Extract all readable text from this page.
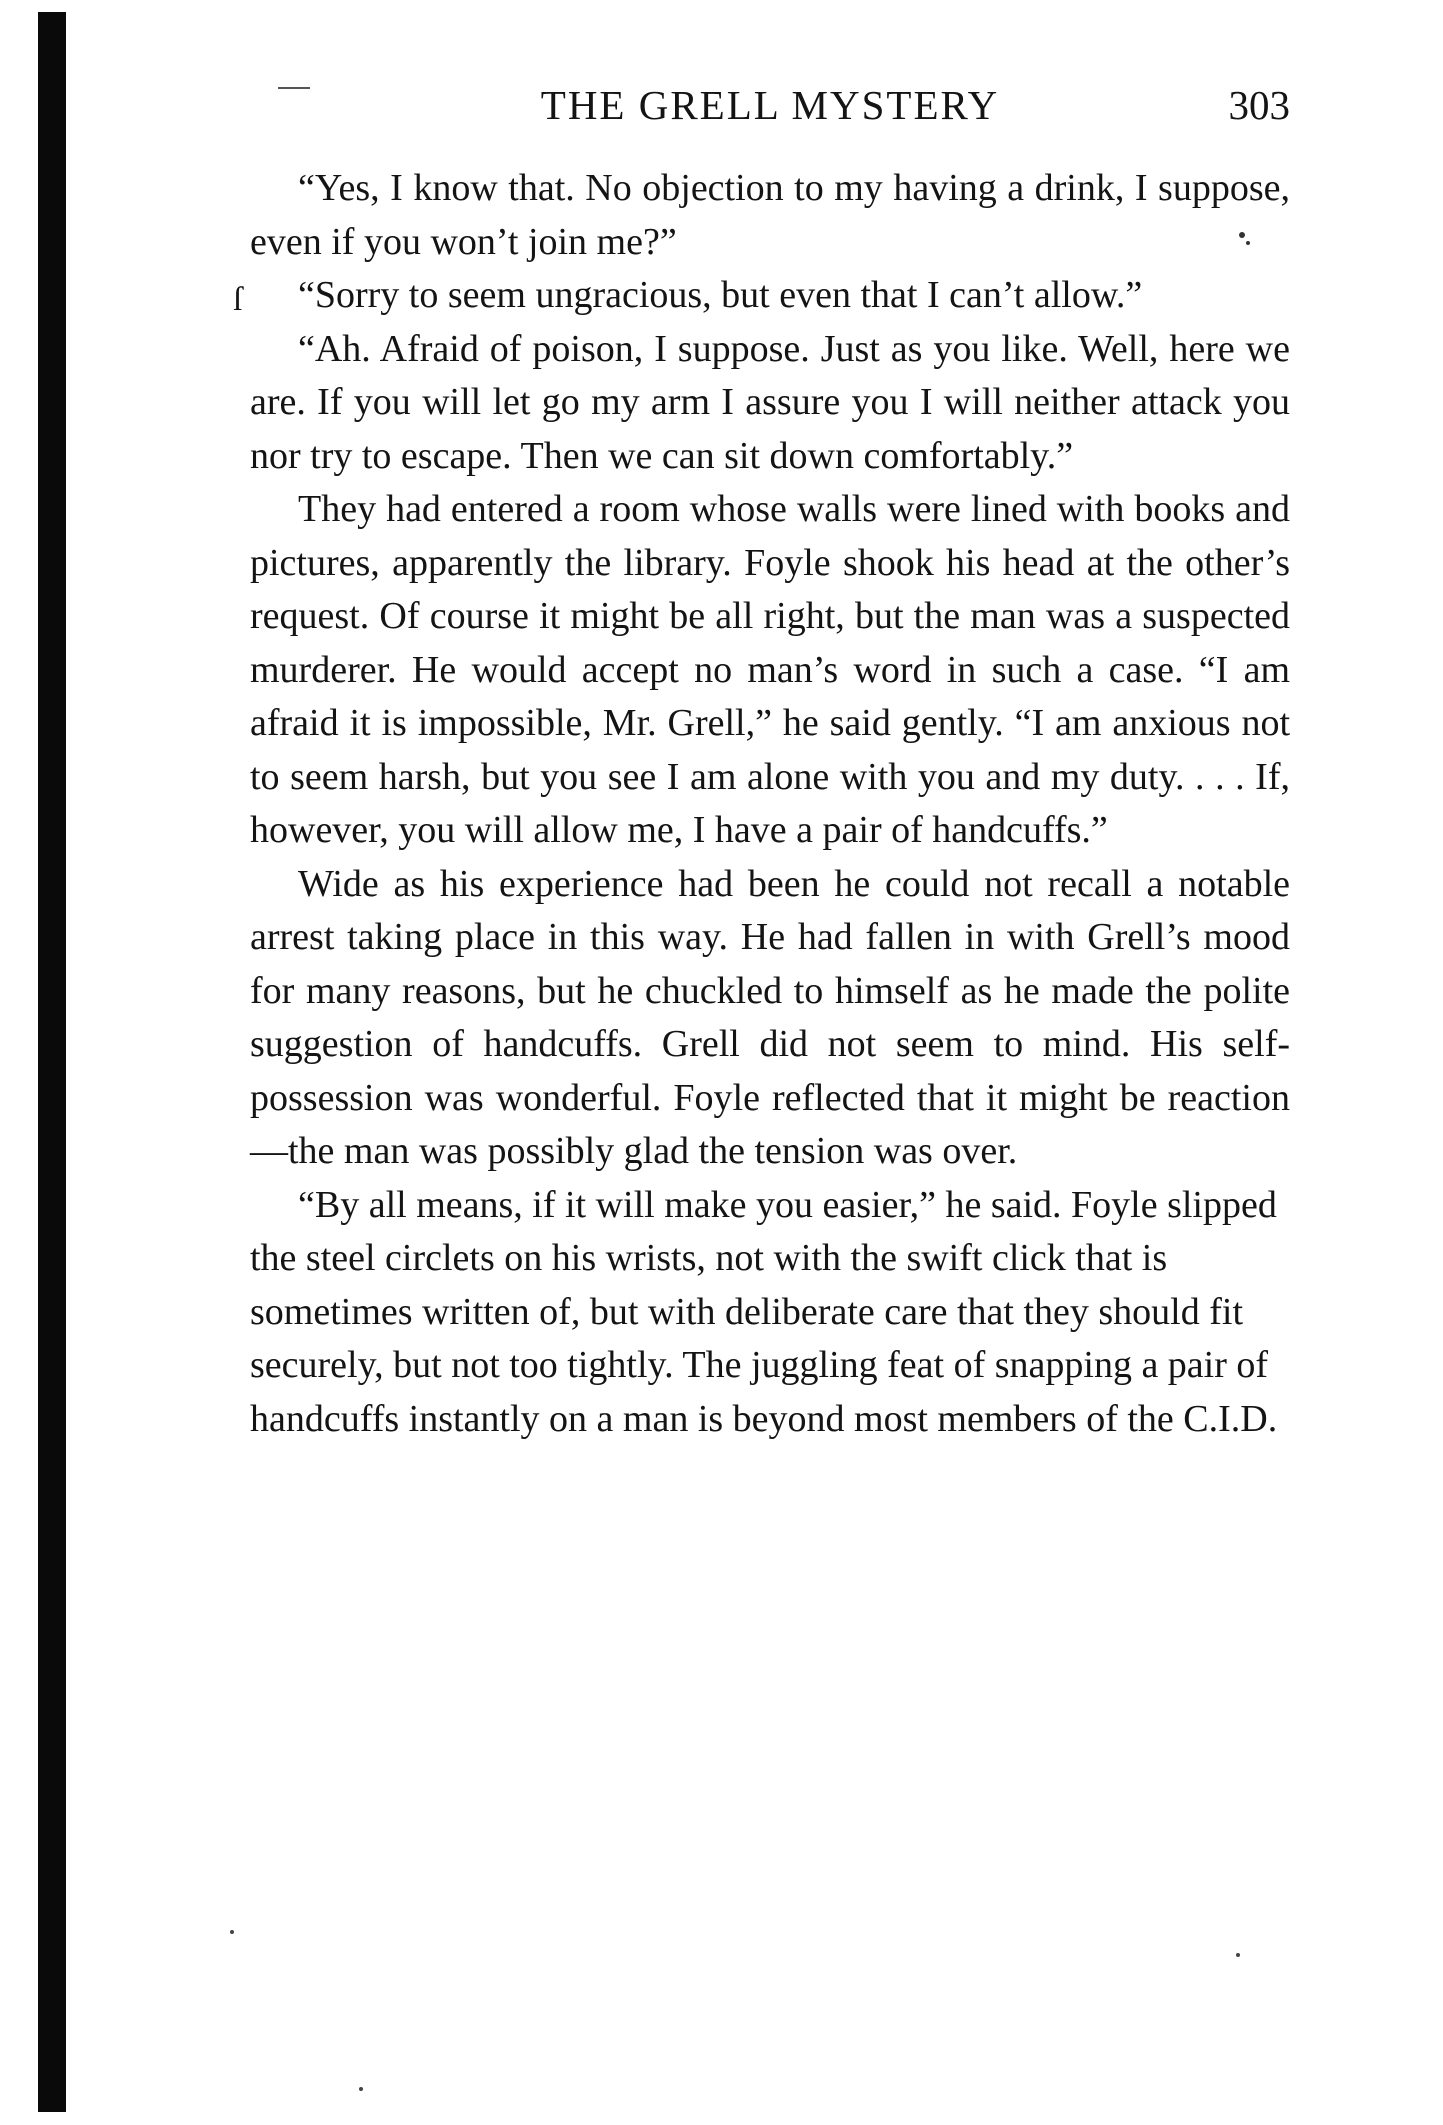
THE GRELL MYSTERY	303
ſ

“Yes, I know that. No objection to my having a drink, I suppose, even if you won’t join me?”

“Sorry to seem ungracious, but even that I can’t allow.”

“Ah. Afraid of poison, I suppose. Just as you like. Well, here we are. If you will let go my arm I assure you I will neither attack you nor try to escape. Then we can sit down comfortably.”

They had entered a room whose walls were lined with books and pictures, apparently the library. Foyle shook his head at the other’s request. Of course it might be all right, but the man was a suspected murderer. He would accept no man’s word in such a case. “I am afraid it is impossible, Mr. Grell,” he said gently. “I am anxious not to seem harsh, but you see I am alone with you and my duty. . . . If, however, you will allow me, I have a pair of handcuffs.”

Wide as his experience had been he could not recall a notable arrest taking place in this way. He had fallen in with Grell’s mood for many reasons, but he chuckled to himself as he made the polite suggestion of handcuffs. Grell did not seem to mind. His self-possession was wonderful. Foyle reflected that it might be reaction—the man was possibly glad the tension was over.

“By all means, if it will make you easier,” he said. Foyle slipped the steel circlets on his wrists, not with the swift click that is sometimes written of, but with deliberate care that they should fit securely, but not too tightly. The juggling feat of snapping a pair of handcuffs instantly on a man is beyond most members of the C.I.D.
